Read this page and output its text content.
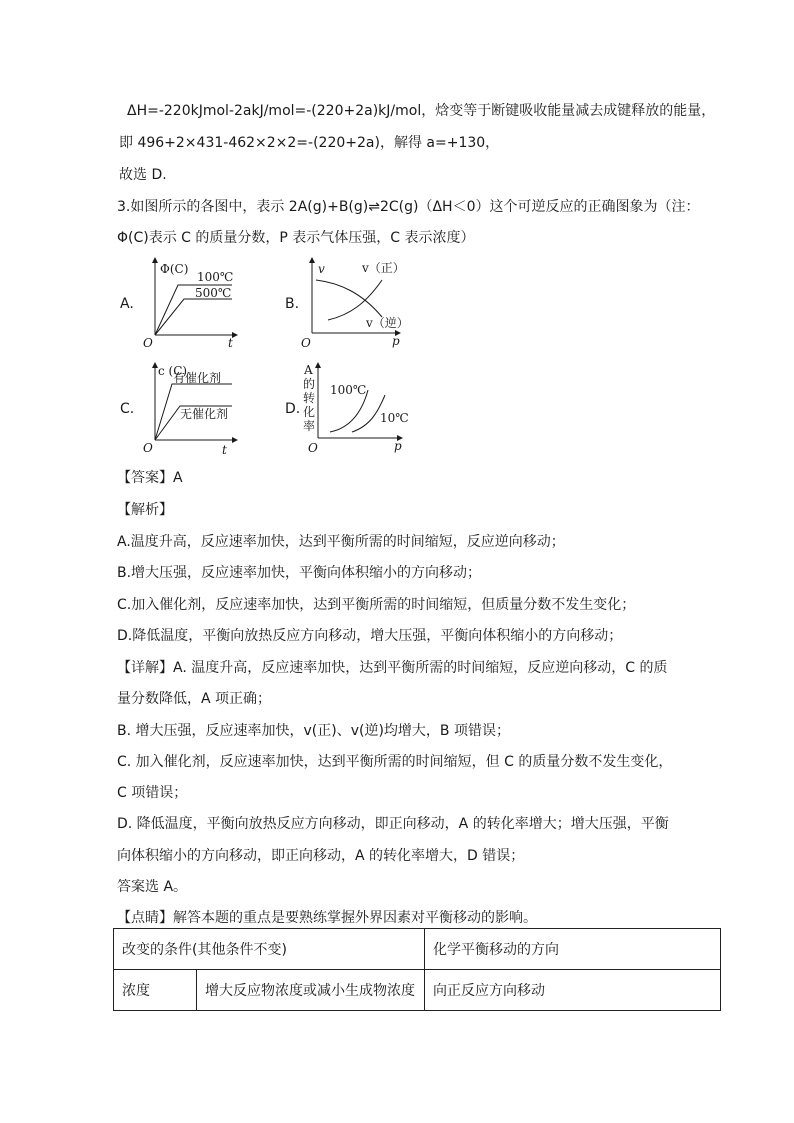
ΔH=-220kJmol-2akJ/mol=-(220+2a)kJ/mol，焓变等于断键吸收能量减去成键释放的能量，
即 496+2×431-462×2×2=-(220+2a)，解得 a=+130，
故选 D.
3.如图所示的各图中，表示 2A(g)+B(g)⇌2C(g)（ΔH＜0）这个可逆反应的正确图象为（注：
Φ(C)表示 C 的质量分数，P 表示气体压强，C 表示浓度）
A.	B.
C.	D.
Φ(C)
100℃
500℃
O	t
v	v（正）
v（逆）
O	p
c (C)
有催化剂
无催化剂
O	t
A
的
转
化
率
100℃
10℃
O	p
【答案】A
【解析】
A.温度升高，反应速率加快，达到平衡所需的时间缩短，反应逆向移动；
B.增大压强，反应速率加快，平衡向体积缩小的方向移动；
C.加入催化剂，反应速率加快，达到平衡所需的时间缩短，但质量分数不发生变化；
D.降低温度，平衡向放热反应方向移动，增大压强，平衡向体积缩小的方向移动；
【详解】A. 温度升高，反应速率加快，达到平衡所需的时间缩短，反应逆向移动，C 的质
量分数降低，A 项正确；
B. 增大压强，反应速率加快，v(正)、v(逆)均增大，B 项错误；
C. 加入催化剂，反应速率加快，达到平衡所需的时间缩短，但 C 的质量分数不发生变化，
C 项错误；
D. 降低温度，平衡向放热反应方向移动，即正向移动，A 的转化率增大；增大压强，平衡
向体积缩小的方向移动，即正向移动，A 的转化率增大，D 错误；
答案选 A。
【点睛】解答本题的重点是要熟练掌握外界因素对平衡移动的影响。
改变的条件(其他条件不变)		化学平衡移动的方向
浓度	增大反应物浓度或减小生成物浓度	向正反应方向移动
